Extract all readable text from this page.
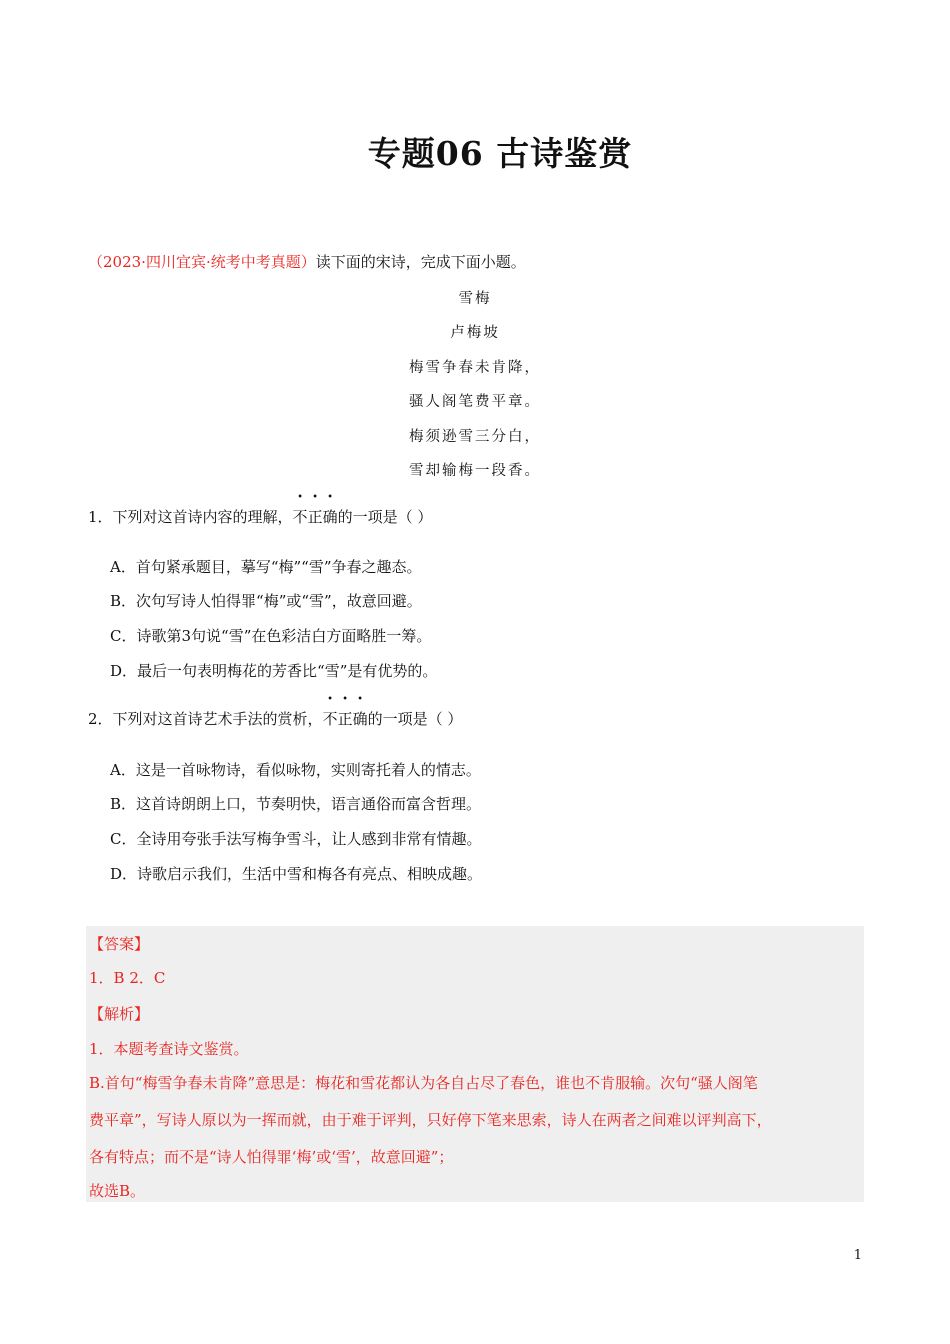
专题06 古诗鉴赏
（2023·四川宜宾·统考中考真题）读下面的宋诗，完成下面小题。
雪梅
卢梅坡
梅雪争春未肯降，
骚人阁笔费平章。
梅须逊雪三分白，
雪却输梅一段香。
1．下列对这首诗内容的理解，不正确的一项是（ ）
A．首句紧承题目，摹写“梅”“雪”争春之趣态。
B．次句写诗人怕得罪“梅”或“雪”，故意回避。
C．诗歌第3句说“雪”在色彩洁白方面略胜一筹。
D．最后一句表明梅花的芳香比“雪”是有优势的。
2．下列对这首诗艺术手法的赏析，不正确的一项是（ ）
A．这是一首咏物诗，看似咏物，实则寄托着人的情志。
B．这首诗朗朗上口，节奏明快，语言通俗而富含哲理。
C．全诗用夸张手法写梅争雪斗，让人感到非常有情趣。
D．诗歌启示我们，生活中雪和梅各有亮点、相映成趣。
【答案】
1．B 2．C
【解析】
1．本题考查诗文鉴赏。
B.首句“梅雪争春未肯降”意思是：梅花和雪花都认为各自占尽了春色，谁也不肯服输。次句“骚人阁笔
费平章”，写诗人原以为一挥而就，由于难于评判，只好停下笔来思索，诗人在两者之间难以评判高下，
各有特点；而不是“诗人怕得罪‘梅’或‘雪’，故意回避”；
故选B。
1
